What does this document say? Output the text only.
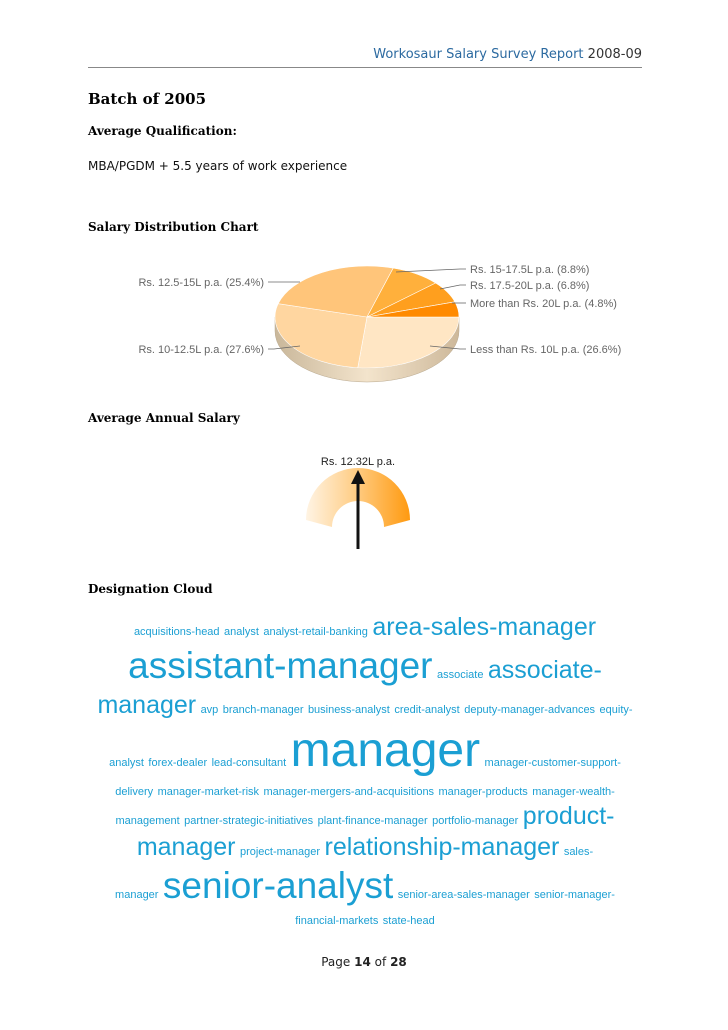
Workosaur Salary Survey Report 2008-09
Batch of 2005
Average Qualification:
MBA/PGDM + 5.5 years of work experience
Salary Distribution Chart
Less than Rs. 10L p.a. (26.6%)
Rs. 10-12.5L p.a. (27.6%)
Rs. 12.5-15L p.a. (25.4%)
Rs. 15-17.5L p.a. (8.8%)
Rs. 17.5-20L p.a. (6.8%)
More than Rs. 20L p.a. (4.8%)
Average Annual Salary
Rs. 12.32L p.a.
Designation Cloud
acquisitions-head analyst analyst-retail-banking area-sales-manager
assistant-manager associate associate-
manager avp branch-manager business-analyst credit-analyst deputy-manager-advances equity-
analyst forex-dealer lead-consultant manager manager-customer-support-
delivery manager-market-risk manager-mergers-and-acquisitions manager-products manager-wealth-
management partner-strategic-initiatives plant-finance-manager portfolio-manager product-
manager project-manager relationship-manager sales-
manager senior-analyst senior-area-sales-manager senior-manager-
financial-markets state-head
Page 14 of 28
